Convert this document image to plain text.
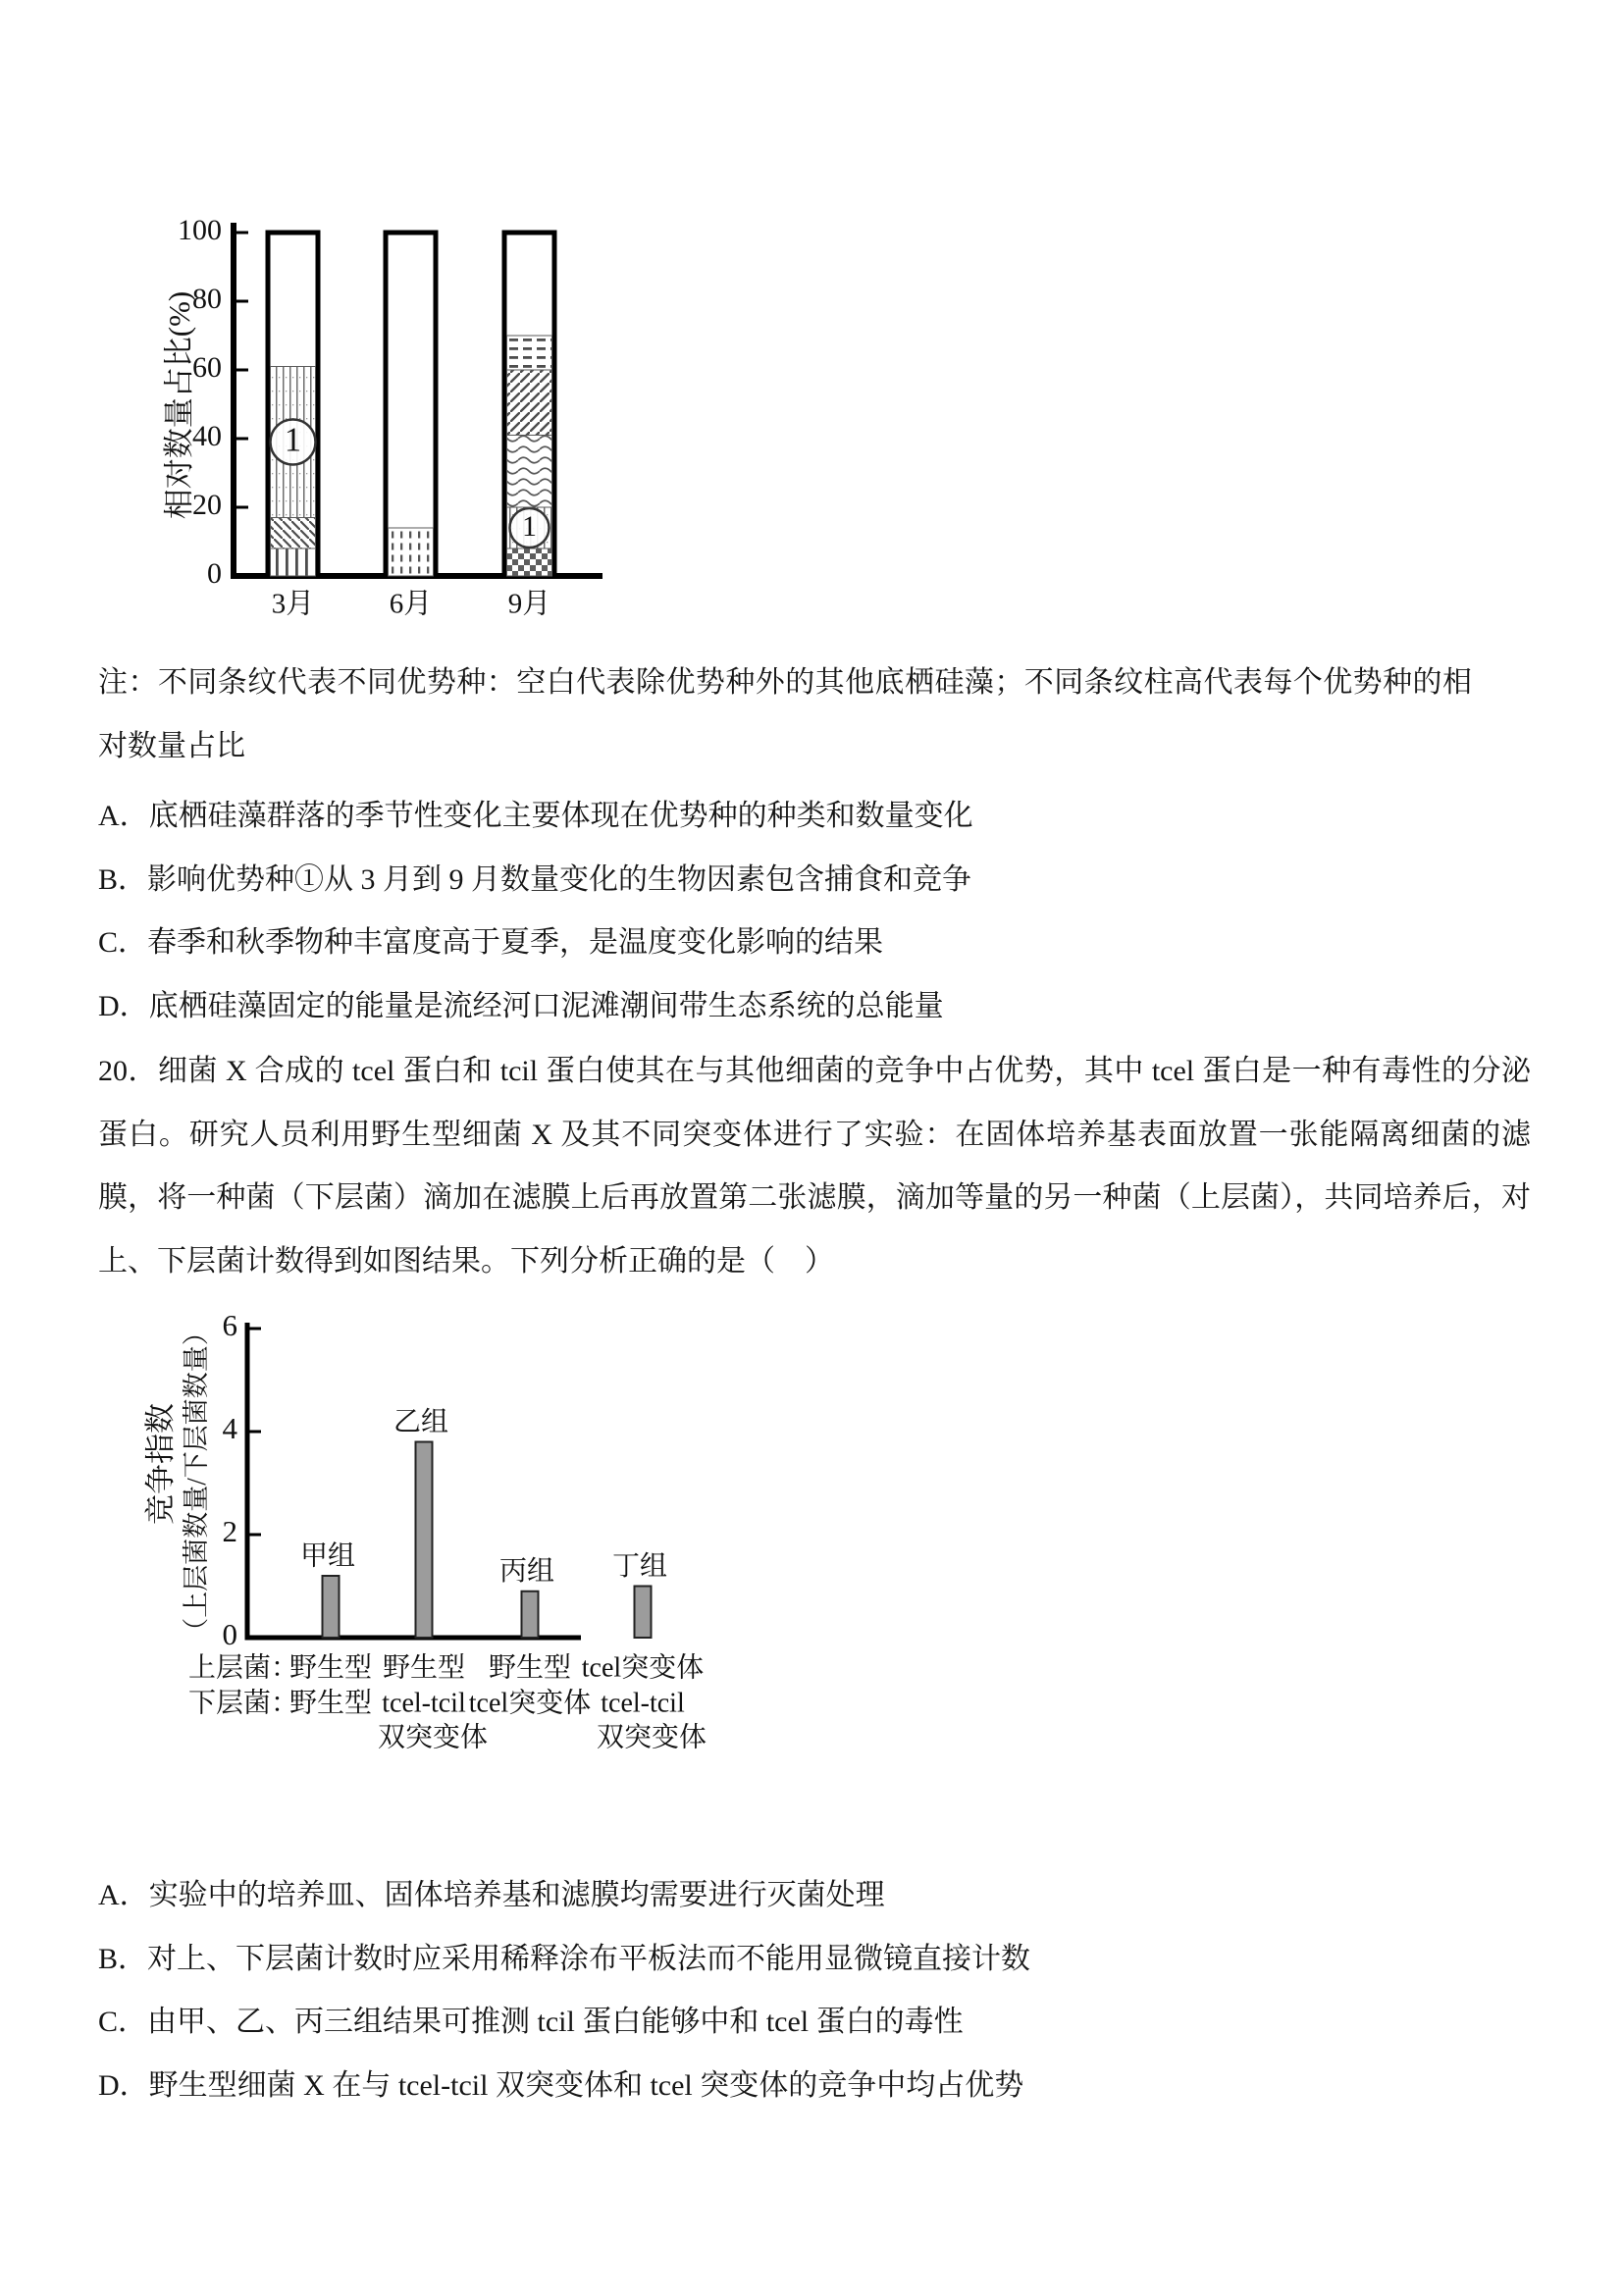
相对数量占比(%)
0
20
40
60
80
100
1
3月	6月
1
9月

注：不同条纹代表不同优势种：空白代表除优势种外的其他底栖硅藻；不同条纹柱高代表每个优势种的相对数量占比

A．底栖硅藻群落的季节性变化主要体现在优势种的种类和数量变化

B．影响优势种①从 3 月到 9 月数量变化的生物因素包含捕食和竞争

C．春季和秋季物种丰富度高于夏季，是温度变化影响的结果

D．底栖硅藻固定的能量是流经河口泥滩潮间带生态系统的总能量

20．细菌 X 合成的 tcel 蛋白和 tcil 蛋白使其在与其他细菌的竞争中占优势，其中 tcel 蛋白是一种有毒性的分泌蛋白。研究人员利用野生型细菌 X 及其不同突变体进行了实验：在固体培养基表面放置一张能隔离细菌的滤膜，将一种菌（下层菌）滴加在滤膜上后再放置第二张滤膜，滴加等量的另一种菌（上层菌），共同培养后，对上、下层菌计数得到如图结果。下列分析正确的是（　）

竞争指数 （上层菌数量/下层菌数量） 0
2
4
6
甲组
野生型
野生型
乙组
野生型
tcel-tcil
双突变体
丙组
野生型
tcel突变体
丁组
tcel突变体
tcel-tcil
双突变体
上层菌：
下层菌：

A．实验中的培养皿、固体培养基和滤膜均需要进行灭菌处理

B．对上、下层菌计数时应采用稀释涂布平板法而不能用显微镜直接计数

C．由甲、乙、丙三组结果可推测 tcil 蛋白能够中和 tcel 蛋白的毒性

D．野生型细菌 X 在与 tcel-tcil 双突变体和 tcel 突变体的竞争中均占优势
